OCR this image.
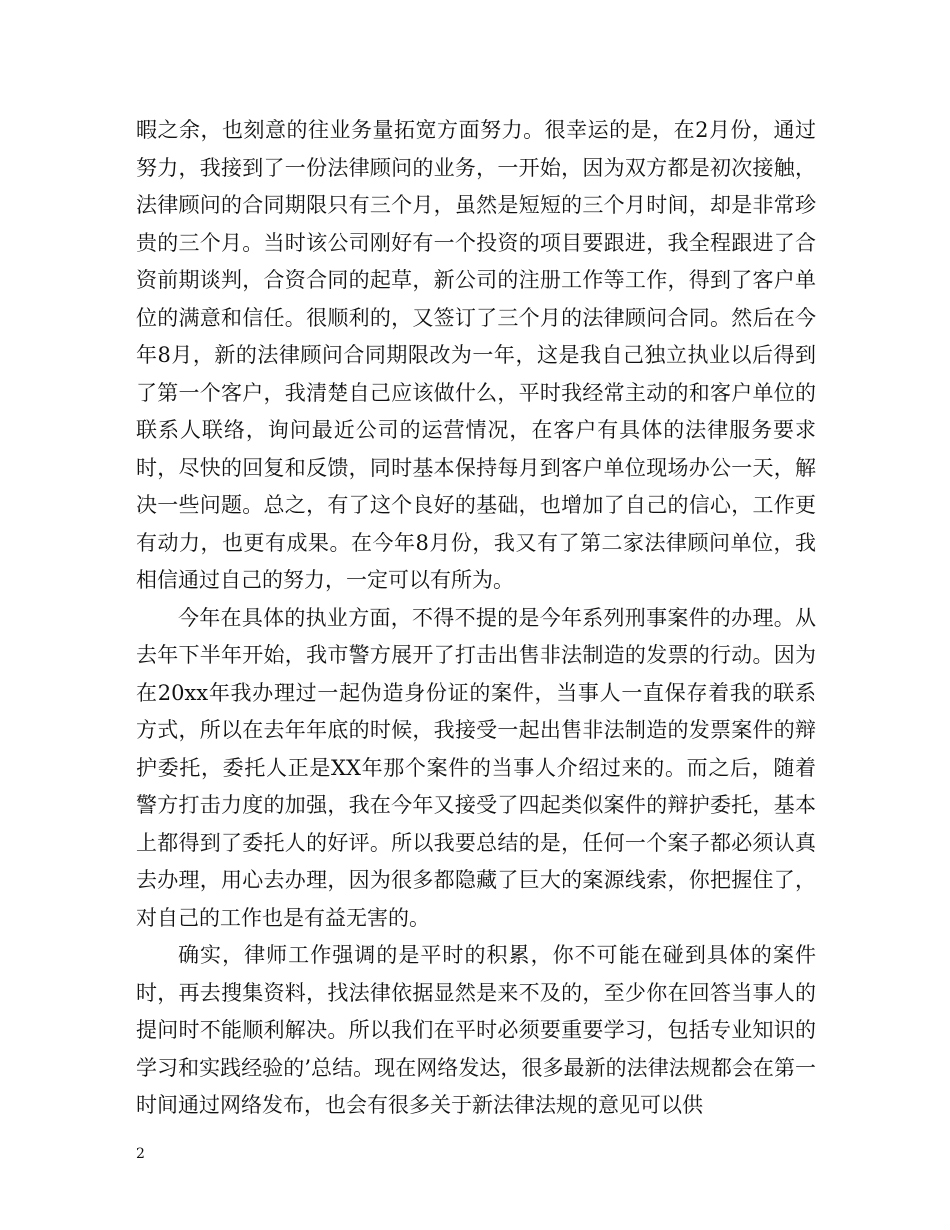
暇之余，也刻意的往业务量拓宽方面努力。很幸运的是，在2月份，通过努力，我接到了一份法律顾问的业务，一开始，因为双方都是初次接触，法律顾问的合同期限只有三个月，虽然是短短的三个月时间，却是非常珍贵的三个月。当时该公司刚好有一个投资的项目要跟进，我全程跟进了合资前期谈判，合资合同的起草，新公司的注册工作等工作，得到了客户单位的满意和信任。很顺利的，又签订了三个月的法律顾问合同。然后在今年8月，新的法律顾问合同期限改为一年，这是我自己独立执业以后得到了第一个客户，我清楚自己应该做什么，平时我经常主动的和客户单位的联系人联络，询问最近公司的运营情况，在客户有具体的法律服务要求时，尽快的回复和反馈，同时基本保持每月到客户单位现场办公一天，解决一些问题。总之，有了这个良好的基础，也增加了自己的信心，工作更有动力，也更有成果。在今年8月份，我又有了第二家法律顾问单位，我相信通过自己的努力，一定可以有所为。

今年在具体的执业方面，不得不提的是今年系列刑事案件的办理。从去年下半年开始，我市警方展开了打击出售非法制造的发票的行动。因为在20xx年我办理过一起伪造身份证的案件，当事人一直保存着我的联系方式，所以在去年年底的时候，我接受一起出售非法制造的发票案件的辩护委托，委托人正是XX年那个案件的当事人介绍过来的。而之后，随着警方打击力度的加强，我在今年又接受了四起类似案件的辩护委托，基本上都得到了委托人的好评。所以我要总结的是，任何一个案子都必须认真去办理，用心去办理，因为很多都隐藏了巨大的案源线索，你把握住了，对自己的工作也是有益无害的。

确实，律师工作强调的是平时的积累，你不可能在碰到具体的案件时，再去搜集资料，找法律依据显然是来不及的，至少你在回答当事人的提问时不能顺利解决。所以我们在平时必须要重要学习，包括专业知识的学习和实践经验的’总结。现在网络发达，很多最新的法律法规都会在第一时间通过网络发布，也会有很多关于新法律法规的意见可以供

2
